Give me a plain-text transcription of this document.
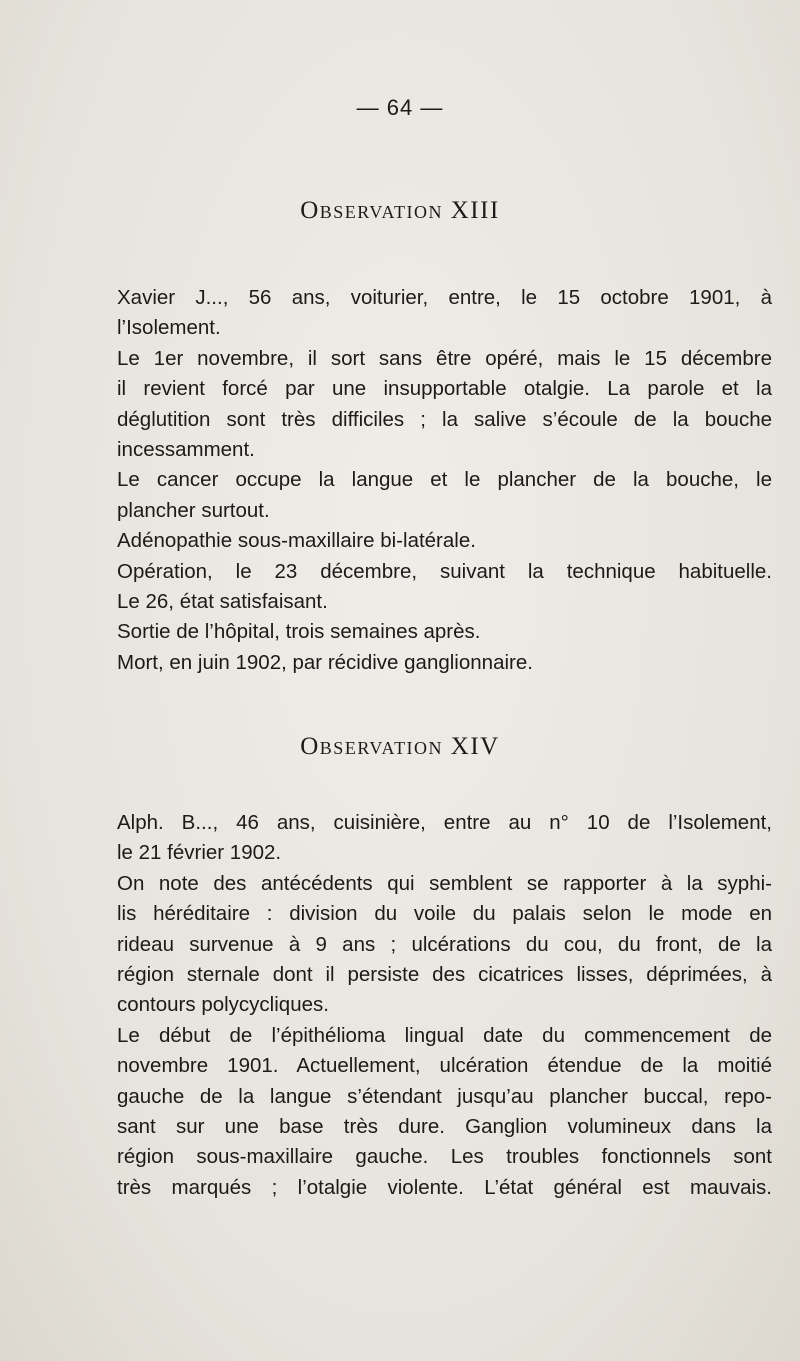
— 64 —
Observation XIII
Xavier J..., 56 ans, voiturier, entre, le 15 octobre 1901, à
l’Isolement.
Le 1er novembre, il sort sans être opéré, mais le 15 décembre
il revient forcé par une insupportable otalgie. La parole et la
déglutition sont très difficiles ; la salive s’écoule de la bouche
incessamment.
Le cancer occupe la langue et le plancher de la bouche, le
plancher surtout.
Adénopathie sous-maxillaire bi-latérale.
Opération, le 23 décembre, suivant la technique habituelle.
Le 26, état satisfaisant.
Sortie de l’hôpital, trois semaines après.
Mort, en juin 1902, par récidive ganglionnaire.
Observation XIV
Alph. B..., 46 ans, cuisinière, entre au n° 10 de l’Isolement,
le 21 février 1902.
On note des antécédents qui semblent se rapporter à la syphi-
lis héréditaire : division du voile du palais selon le mode en
rideau survenue à 9 ans ; ulcérations du cou, du front, de la
région sternale dont il persiste des cicatrices lisses, déprimées, à
contours polycycliques.
Le début de l’épithélioma lingual date du commencement de
novembre 1901. Actuellement, ulcération étendue de la moitié
gauche de la langue s’étendant jusqu’au plancher buccal, repo-
sant sur une base très dure. Ganglion volumineux dans la
région sous-maxillaire gauche. Les troubles fonctionnels sont
très marqués ; l’otalgie violente. L’état général est mauvais.
